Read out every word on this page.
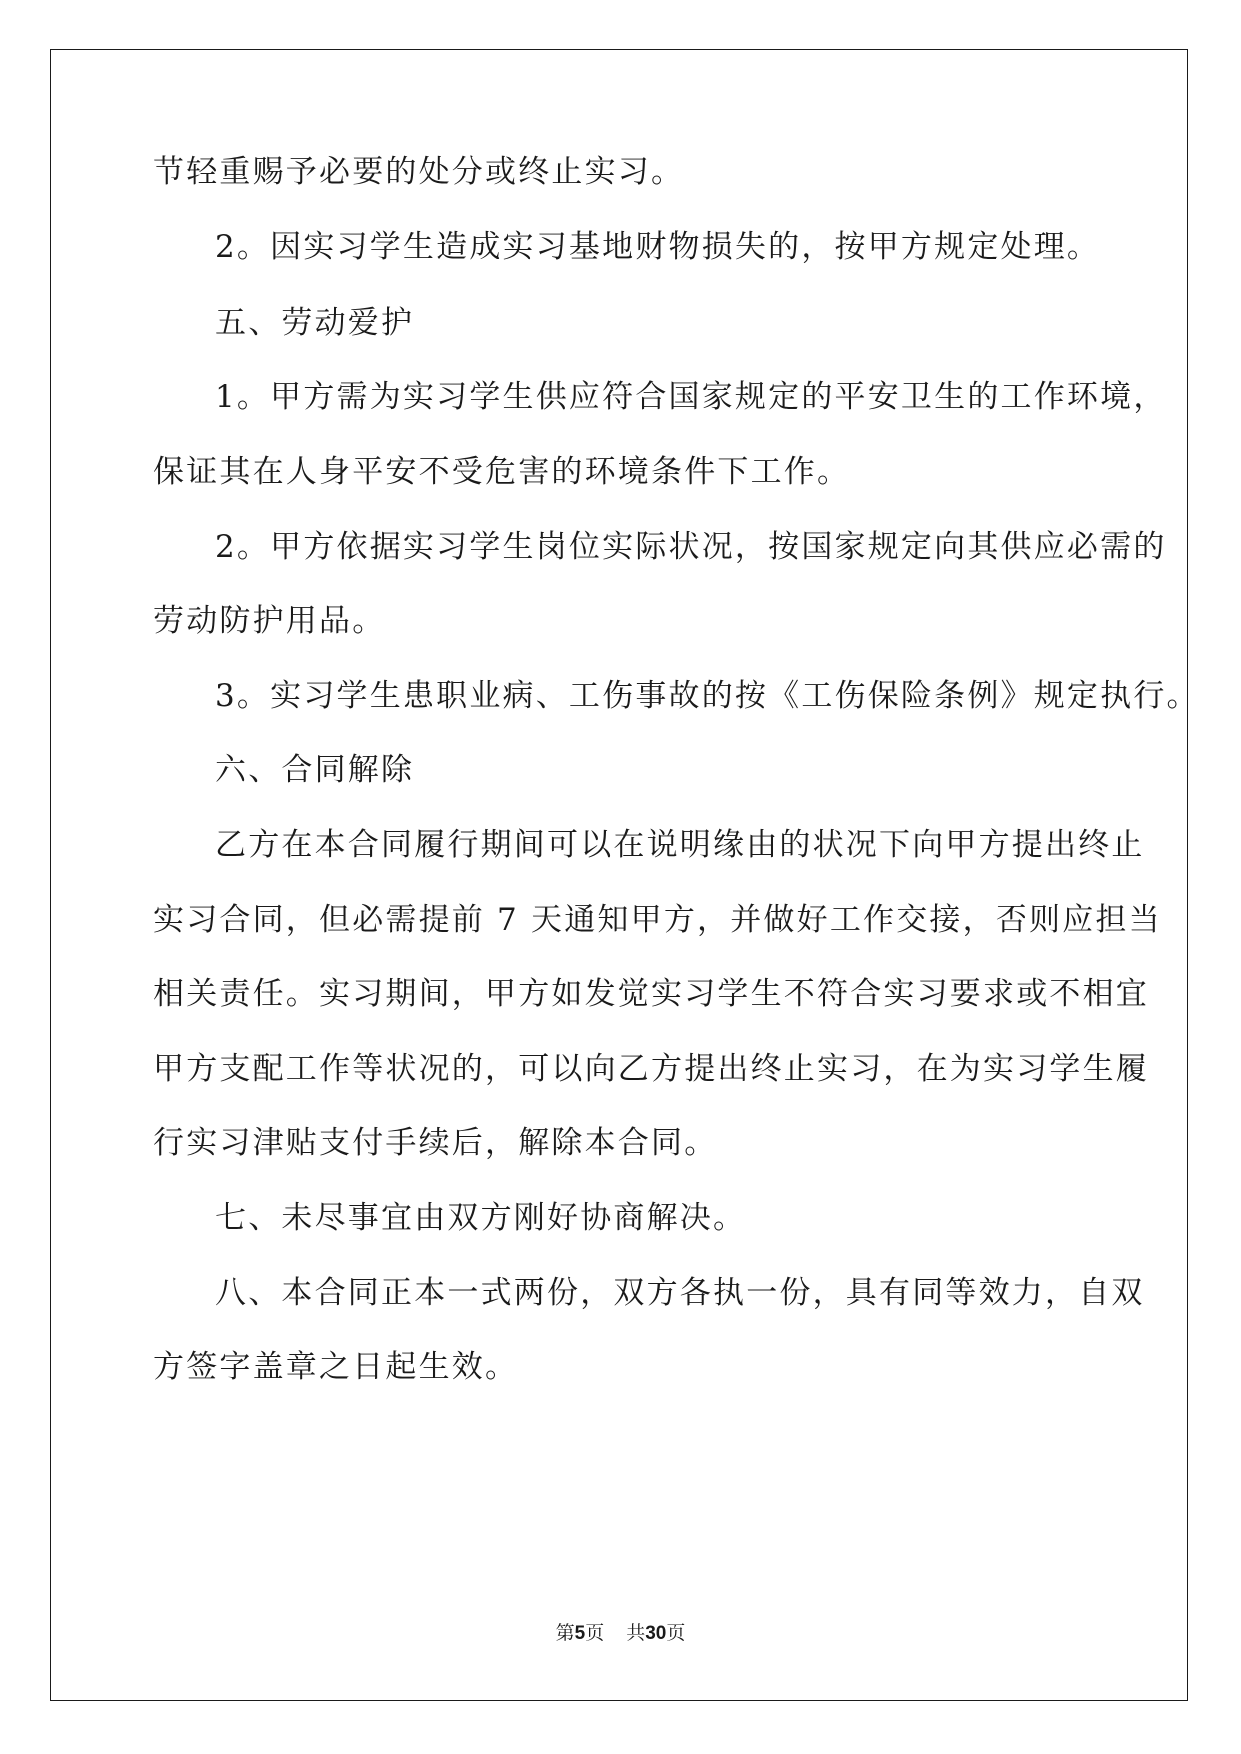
节轻重赐予必要的处分或终止实习。
2。因实习学生造成实习基地财物损失的，按甲方规定处理。
五、劳动爱护
1。甲方需为实习学生供应符合国家规定的平安卫生的工作环境，
保证其在人身平安不受危害的环境条件下工作。
2。甲方依据实习学生岗位实际状况，按国家规定向其供应必需的
劳动防护用品。
3。实习学生患职业病、工伤事故的按《工伤保险条例》规定执行。
六、合同解除
乙方在本合同履行期间可以在说明缘由的状况下向甲方提出终止
实习合同，但必需提前 7 天通知甲方，并做好工作交接，否则应担当
相关责任。实习期间，甲方如发觉实习学生不符合实习要求或不相宜
甲方支配工作等状况的，可以向乙方提出终止实习，在为实习学生履
行实习津贴支付手续后，解除本合同。
七、未尽事宜由双方刚好协商解决。
八、本合同正本一式两份，双方各执一份，具有同等效力，自双
方签字盖章之日起生效。
第5页 共30页
